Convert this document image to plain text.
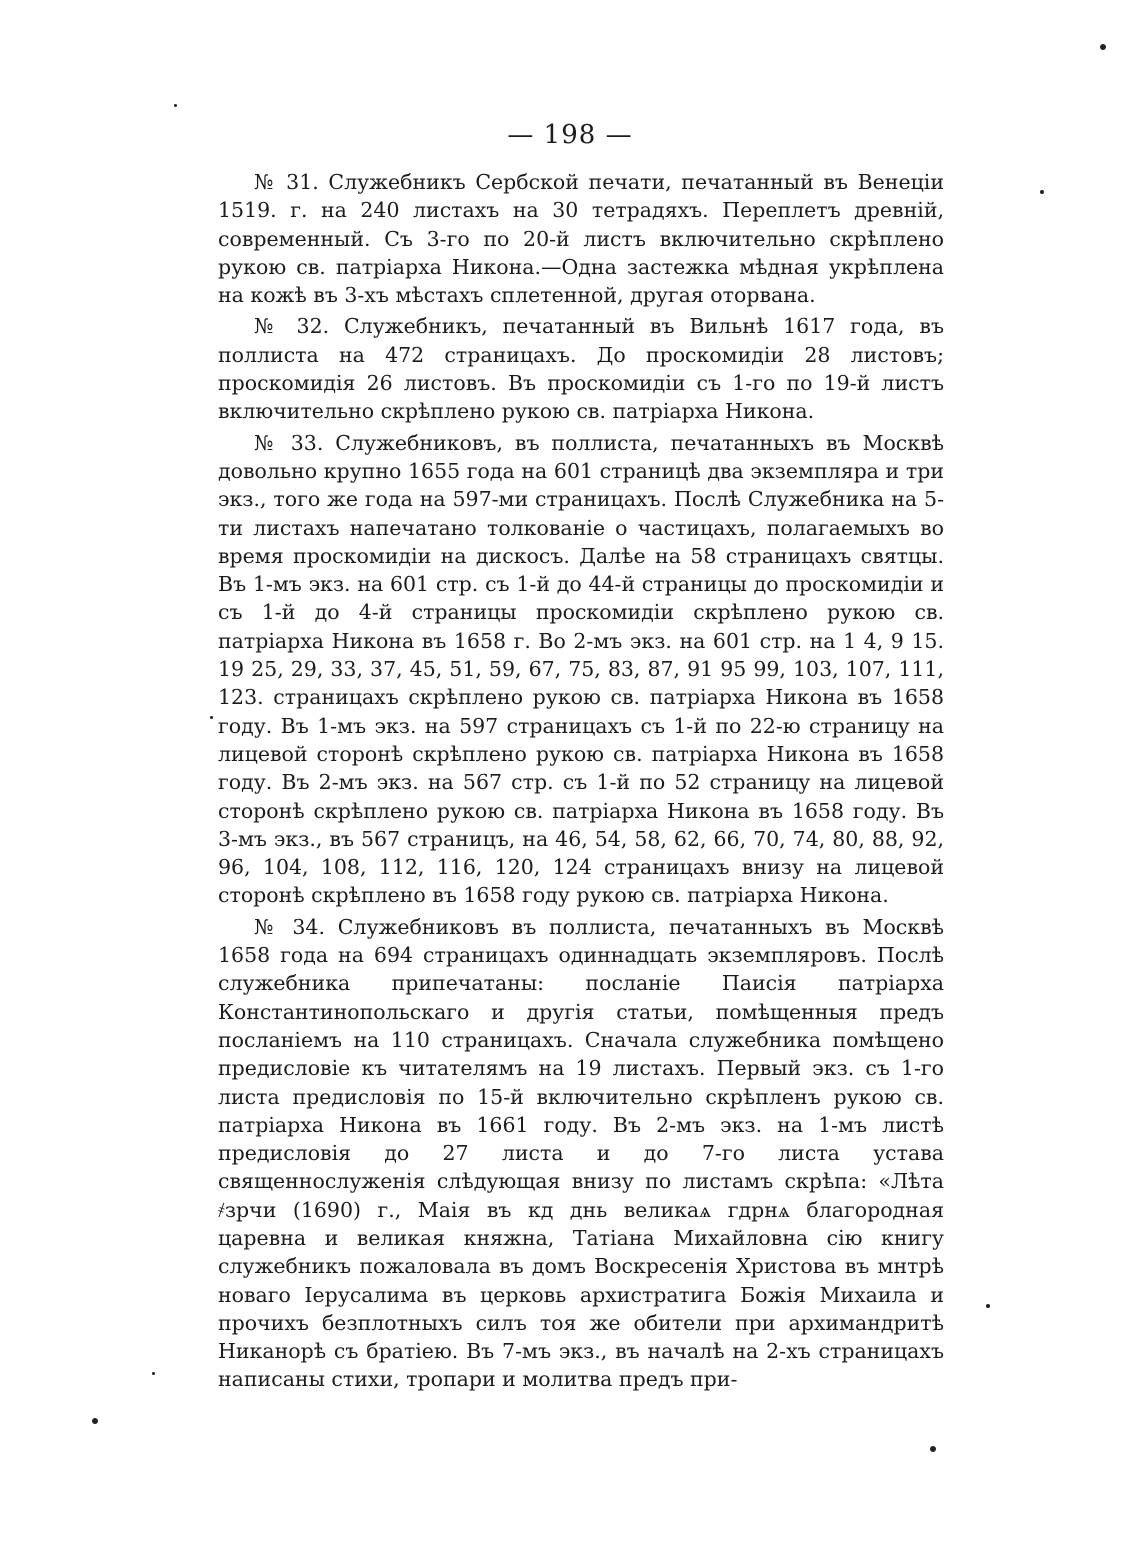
— 198 —

№ 31. Служебникъ Сербской печати, печатанный въ Венеціи 1519. г. на 240 листахъ на 30 тетрадяхъ. Переплетъ древній, современный. Съ 3-го по 20-й листъ включительно скрѣплено рукою св. патріарха Никона.—Одна застежка мѣдная укрѣплена на кожѣ въ 3-хъ мѣстахъ сплетенной, другая оторвана.

№ 32. Служебникъ, печатанный въ Вильнѣ 1617 года, въ поллиста на 472 страницахъ. До проскомидіи 28 листовъ; проскомидія 26 листовъ. Въ проскомидіи съ 1-го по 19-й листъ включительно скрѣплено рукою св. патріарха Никона.

№ 33. Служебниковъ, въ поллиста, печатанныхъ въ Москвѣ довольно крупно 1655 года на 601 страницѣ два экземпляра и три экз., того же года на 597-ми страницахъ. Послѣ Служебника на 5-ти листахъ напечатано толкованіе о частицахъ, полагаемыхъ во время проскомидіи на дискосъ. Далѣе на 58 страницахъ святцы. Въ 1-мъ экз. на 601 стр. съ 1-й до 44-й страницы до проскомидіи и съ 1-й до 4-й страницы проскомидіи скрѣплено рукою св. патріарха Никона въ 1658 г. Во 2-мъ экз. на 601 стр. на 1 4, 9 15. 19 25, 29, 33, 37, 45, 51, 59, 67, 75, 83, 87, 91 95 99, 103, 107, 111, 123. страницахъ скрѣплено рукою св. патріарха Никона въ 1658 году. Въ 1-мъ экз. на 597 страницахъ съ 1-й по 22-ю страницу на лицевой сторонѣ скрѣплено рукою св. патріарха Никона въ 1658 году. Въ 2-мъ экз. на 567 стр. съ 1-й по 52 страницу на лицевой сторонѣ скрѣплено рукою св. патріарха Никона въ 1658 году. Въ 3-мъ экз., въ 567 страницъ, на 46, 54, 58, 62, 66, 70, 74, 80, 88, 92, 96, 104, 108, 112, 116, 120, 124 страницахъ внизу на лицевой сторонѣ скрѣплено въ 1658 году рукою св. патріарха Никона.

№ 34. Служебниковъ въ поллиста, печатанныхъ въ Москвѣ 1658 года на 694 страницахъ одиннадцать экземпляровъ. Послѣ служебника припечатаны: посланіе Паисія патріарха Константинопольскаго и другія статьи, помѣщенныя предъ посланіемъ на 110 страницахъ. Сначала служебника помѣщено предисловіе къ читателямъ на 19 листахъ. Первый экз. съ 1-го листа предисловія по 15-й включительно скрѣпленъ рукою св. патріарха Никона въ 1661 году. Въ 2-мъ экз. на 1-мъ листѣ предисловія до 27 листа и до 7-го листа устава священнослуженія слѣдующая внизу по листамъ скрѣпа: «Лѣта ҂зрчи (1690) г., Маія въ кд днь великаѧ гдрнѧ благородная царевна и великая княжна, Татіана Михайловна сію книгу служебникъ пожаловала въ домъ Воскресенія Христова въ мнтрѣ новаго Іерусалима въ церковь архистратига Божія Михаила и прочихъ безплотныхъ силъ тоя же обители при архимандритѣ Никанорѣ съ братіею. Въ 7-мъ экз., въ началѣ на 2-хъ страницахъ написаны стихи, тропари и молитва предъ при-
